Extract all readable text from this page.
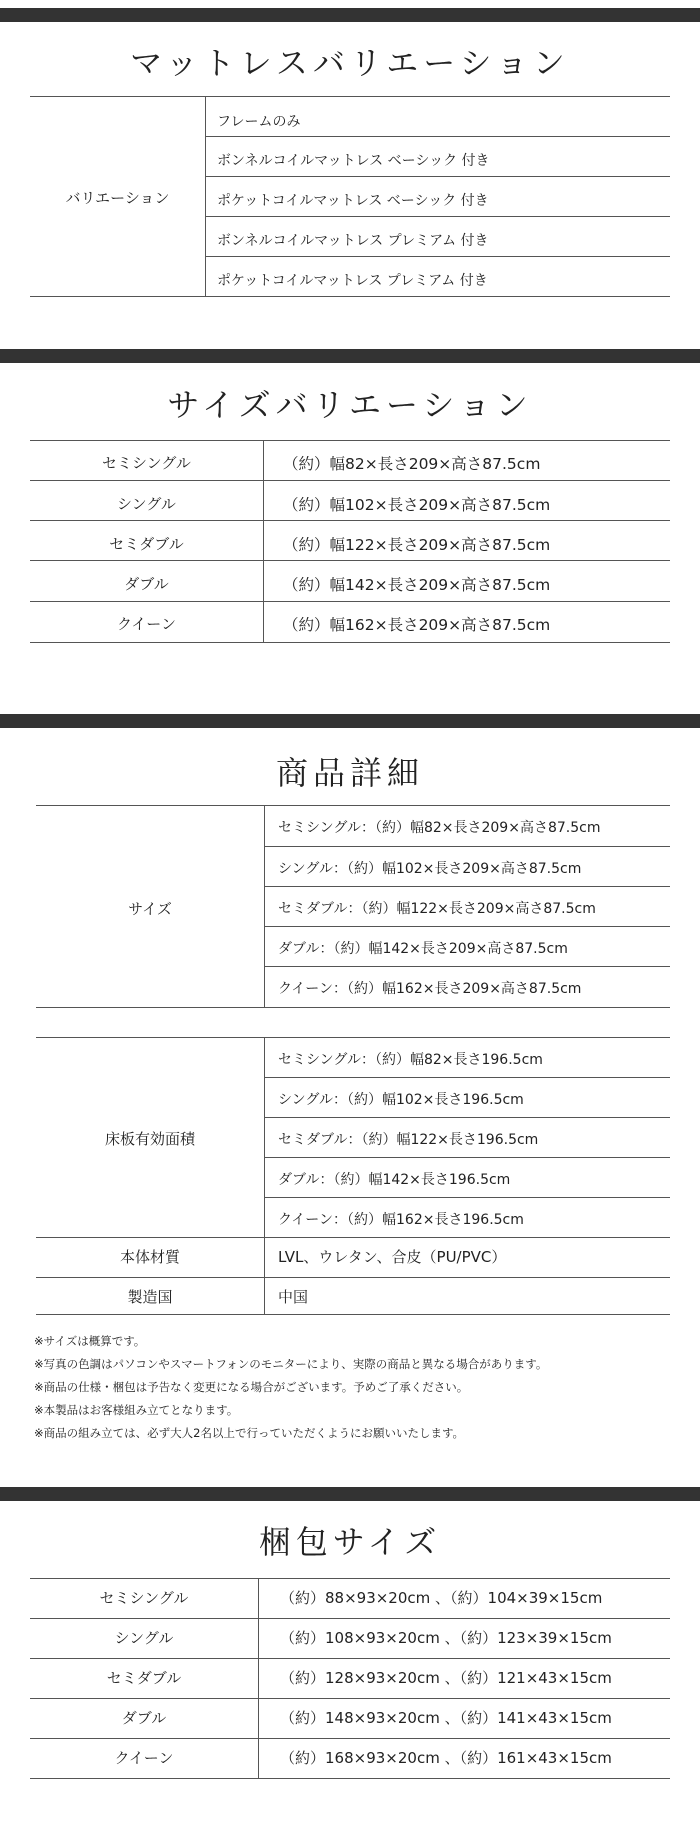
マットレスバリエーション
バリエーション
フレームのみ
ボンネルコイルマットレス ベーシック 付き
ポケットコイルマットレス ベーシック 付き
ボンネルコイルマットレス プレミアム 付き
ポケットコイルマットレス プレミアム 付き
サイズバリエーション
セミシングル	（約）幅82×長さ209×高さ87.5cm
シングル	（約）幅102×長さ209×高さ87.5cm
セミダブル	（約）幅122×長さ209×高さ87.5cm
ダブル	（約）幅142×長さ209×高さ87.5cm
クイーン	（約）幅162×長さ209×高さ87.5cm
商品詳細
サイズ
セミシングル：（約）幅82×長さ209×高さ87.5cm
シングル：（約）幅102×長さ209×高さ87.5cm
セミダブル：（約）幅122×長さ209×高さ87.5cm
ダブル：（約）幅142×長さ209×高さ87.5cm
クイーン：（約）幅162×長さ209×高さ87.5cm
床板有効面積
セミシングル：（約）幅82×長さ196.5cm
シングル：（約）幅102×長さ196.5cm
セミダブル：（約）幅122×長さ196.5cm
ダブル：（約）幅142×長さ196.5cm
クイーン：（約）幅162×長さ196.5cm
本体材質	LVL、ウレタン、合皮（PU/PVC）
製造国	中国
※サイズは概算です。
※写真の色調はパソコンやスマートフォンのモニターにより、実際の商品と異なる場合があります。
※商品の仕様・梱包は予告なく変更になる場合がございます。予めご了承ください。
※本製品はお客様組み立てとなります。
※商品の組み立ては、必ず大人2名以上で行っていただくようにお願いいたします。
梱包サイズ
セミシングル	（約）88×93×20cm 、（約）104×39×15cm
シングル	（約）108×93×20cm 、（約）123×39×15cm
セミダブル	（約）128×93×20cm 、（約）121×43×15cm
ダブル	（約）148×93×20cm 、（約）141×43×15cm
クイーン	（約）168×93×20cm 、（約）161×43×15cm
